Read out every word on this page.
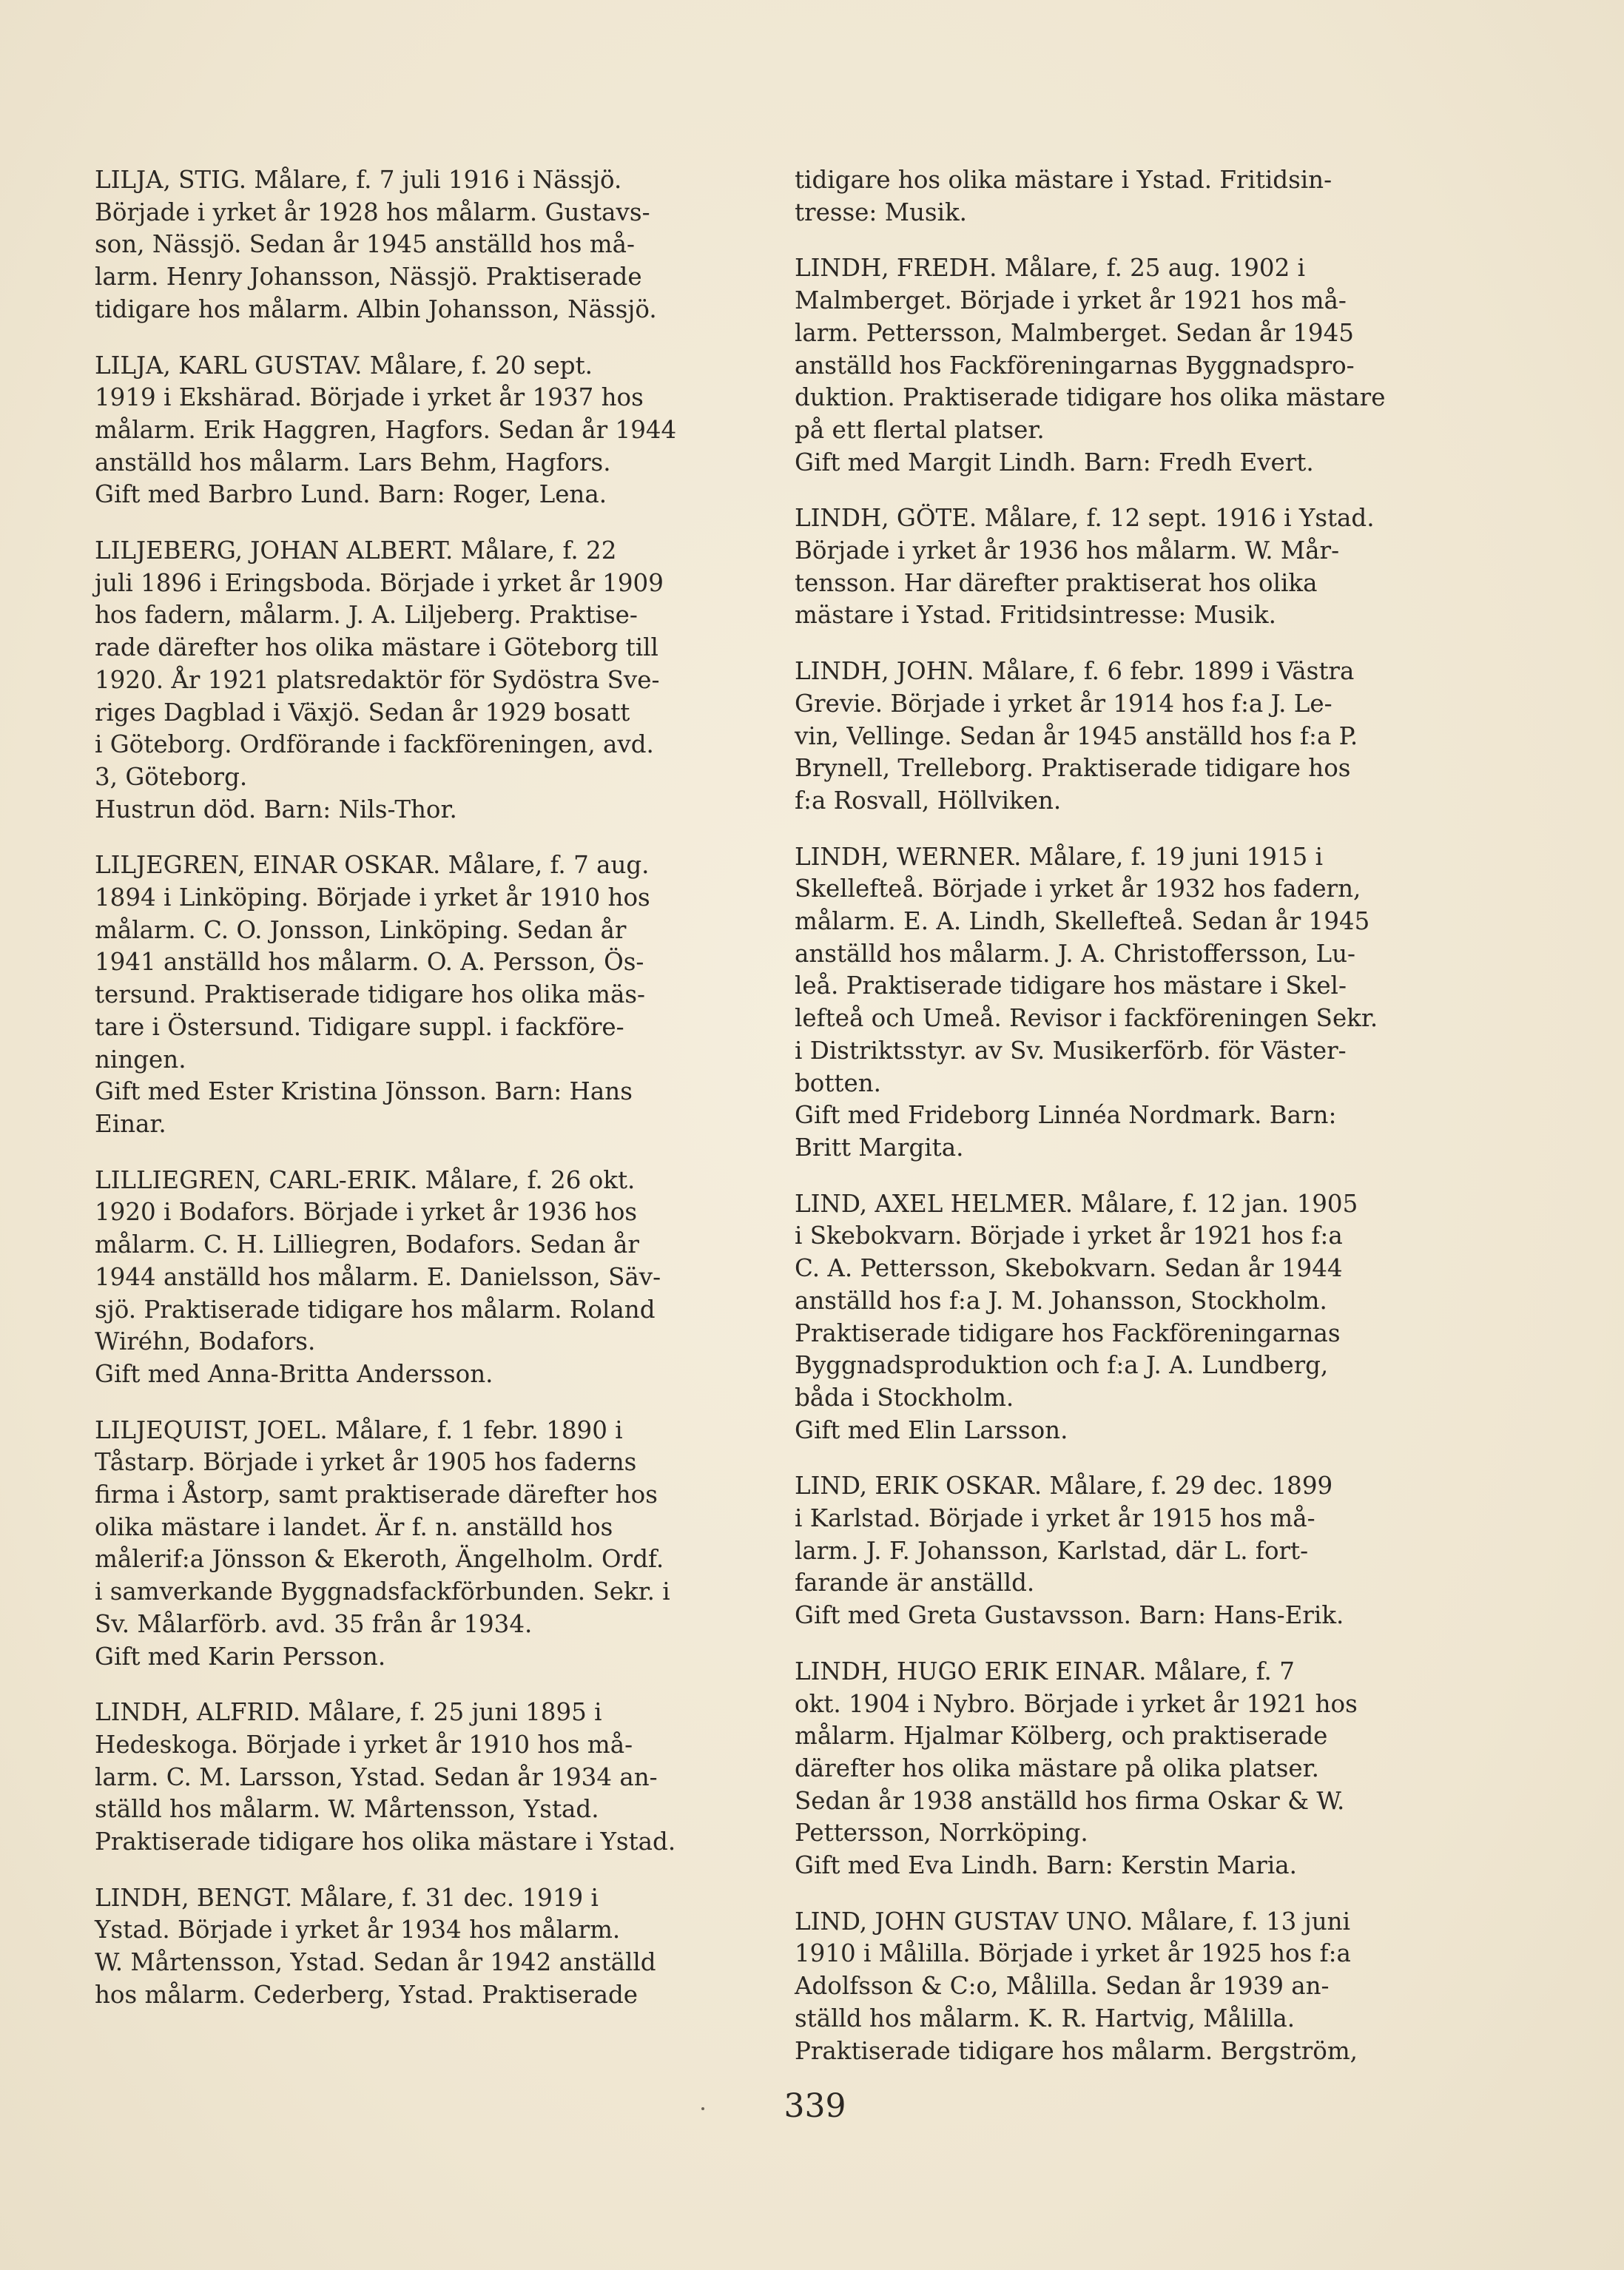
LILJA, STIG. Målare, f. 7 juli 1916 i Nässjö.
Började i yrket år 1928 hos målarm. Gustavs-
son, Nässjö. Sedan år 1945 anställd hos må-
larm. Henry Johansson, Nässjö. Praktiserade
tidigare hos målarm. Albin Johansson, Nässjö.
LILJA, KARL GUSTAV. Målare, f. 20 sept.
1919 i Ekshärad. Började i yrket år 1937 hos
målarm. Erik Haggren, Hagfors. Sedan år 1944
anställd hos målarm. Lars Behm, Hagfors.
Gift med Barbro Lund. Barn: Roger, Lena.
LILJEBERG, JOHAN ALBERT. Målare, f. 22
juli 1896 i Eringsboda. Började i yrket år 1909
hos fadern, målarm. J. A. Liljeberg. Praktise-
rade därefter hos olika mästare i Göteborg till
1920. År 1921 platsredaktör för Sydöstra Sve-
riges Dagblad i Växjö. Sedan år 1929 bosatt
i Göteborg. Ordförande i fackföreningen, avd.
3, Göteborg.
Hustrun död. Barn: Nils-Thor.
LILJEGREN, EINAR OSKAR. Målare, f. 7 aug.
1894 i Linköping. Började i yrket år 1910 hos
målarm. C. O. Jonsson, Linköping. Sedan år
1941 anställd hos målarm. O. A. Persson, Ös-
tersund. Praktiserade tidigare hos olika mäs-
tare i Östersund. Tidigare suppl. i fackföre-
ningen.
Gift med Ester Kristina Jönsson. Barn: Hans
Einar.
LILLIEGREN, CARL-ERIK. Målare, f. 26 okt.
1920 i Bodafors. Började i yrket år 1936 hos
målarm. C. H. Lilliegren, Bodafors. Sedan år
1944 anställd hos målarm. E. Danielsson, Säv-
sjö. Praktiserade tidigare hos målarm. Roland
Wiréhn, Bodafors.
Gift med Anna-Britta Andersson.
LILJEQUIST, JOEL. Målare, f. 1 febr. 1890 i
Tåstarp. Började i yrket år 1905 hos faderns
firma i Åstorp, samt praktiserade därefter hos
olika mästare i landet. Är f. n. anställd hos
målerif:a Jönsson & Ekeroth, Ängelholm. Ordf.
i samverkande Byggnadsfackförbunden. Sekr. i
Sv. Målarförb. avd. 35 från år 1934.
Gift med Karin Persson.
LINDH, ALFRID. Målare, f. 25 juni 1895 i
Hedeskoga. Började i yrket år 1910 hos må-
larm. C. M. Larsson, Ystad. Sedan år 1934 an-
ställd hos målarm. W. Mårtensson, Ystad.
Praktiserade tidigare hos olika mästare i Ystad.
LINDH, BENGT. Målare, f. 31 dec. 1919 i
Ystad. Började i yrket år 1934 hos målarm.
W. Mårtensson, Ystad. Sedan år 1942 anställd
hos målarm. Cederberg, Ystad. Praktiserade
tidigare hos olika mästare i Ystad. Fritidsin-
tresse: Musik.
LINDH, FREDH. Målare, f. 25 aug. 1902 i
Malmberget. Började i yrket år 1921 hos må-
larm. Pettersson, Malmberget. Sedan år 1945
anställd hos Fackföreningarnas Byggnadspro-
duktion. Praktiserade tidigare hos olika mästare
på ett flertal platser.
Gift med Margit Lindh. Barn: Fredh Evert.
LINDH, GÖTE. Målare, f. 12 sept. 1916 i Ystad.
Började i yrket år 1936 hos målarm. W. Mår-
tensson. Har därefter praktiserat hos olika
mästare i Ystad. Fritidsintresse: Musik.
LINDH, JOHN. Målare, f. 6 febr. 1899 i Västra
Grevie. Började i yrket år 1914 hos f:a J. Le-
vin, Vellinge. Sedan år 1945 anställd hos f:a P.
Brynell, Trelleborg. Praktiserade tidigare hos
f:a Rosvall, Höllviken.
LINDH, WERNER. Målare, f. 19 juni 1915 i
Skellefteå. Började i yrket år 1932 hos fadern,
målarm. E. A. Lindh, Skellefteå. Sedan år 1945
anställd hos målarm. J. A. Christoffersson, Lu-
leå. Praktiserade tidigare hos mästare i Skel-
lefteå och Umeå. Revisor i fackföreningen Sekr.
i Distriktsstyr. av Sv. Musikerförb. för Väster-
botten.
Gift med Frideborg Linnéa Nordmark. Barn:
Britt Margita.
LIND, AXEL HELMER. Målare, f. 12 jan. 1905
i Skebokvarn. Började i yrket år 1921 hos f:a
C. A. Pettersson, Skebokvarn. Sedan år 1944
anställd hos f:a J. M. Johansson, Stockholm.
Praktiserade tidigare hos Fackföreningarnas
Byggnadsproduktion och f:a J. A. Lundberg,
båda i Stockholm.
Gift med Elin Larsson.
LIND, ERIK OSKAR. Målare, f. 29 dec. 1899
i Karlstad. Började i yrket år 1915 hos må-
larm. J. F. Johansson, Karlstad, där L. fort-
farande är anställd.
Gift med Greta Gustavsson. Barn: Hans-Erik.
LINDH, HUGO ERIK EINAR. Målare, f. 7
okt. 1904 i Nybro. Började i yrket år 1921 hos
målarm. Hjalmar Kölberg, och praktiserade
därefter hos olika mästare på olika platser.
Sedan år 1938 anställd hos firma Oskar & W.
Pettersson, Norrköping.
Gift med Eva Lindh. Barn: Kerstin Maria.
LIND, JOHN GUSTAV UNO. Målare, f. 13 juni
1910 i Målilla. Började i yrket år 1925 hos f:a
Adolfsson & C:o, Målilla. Sedan år 1939 an-
ställd hos målarm. K. R. Hartvig, Målilla.
Praktiserade tidigare hos målarm. Bergström,
339
